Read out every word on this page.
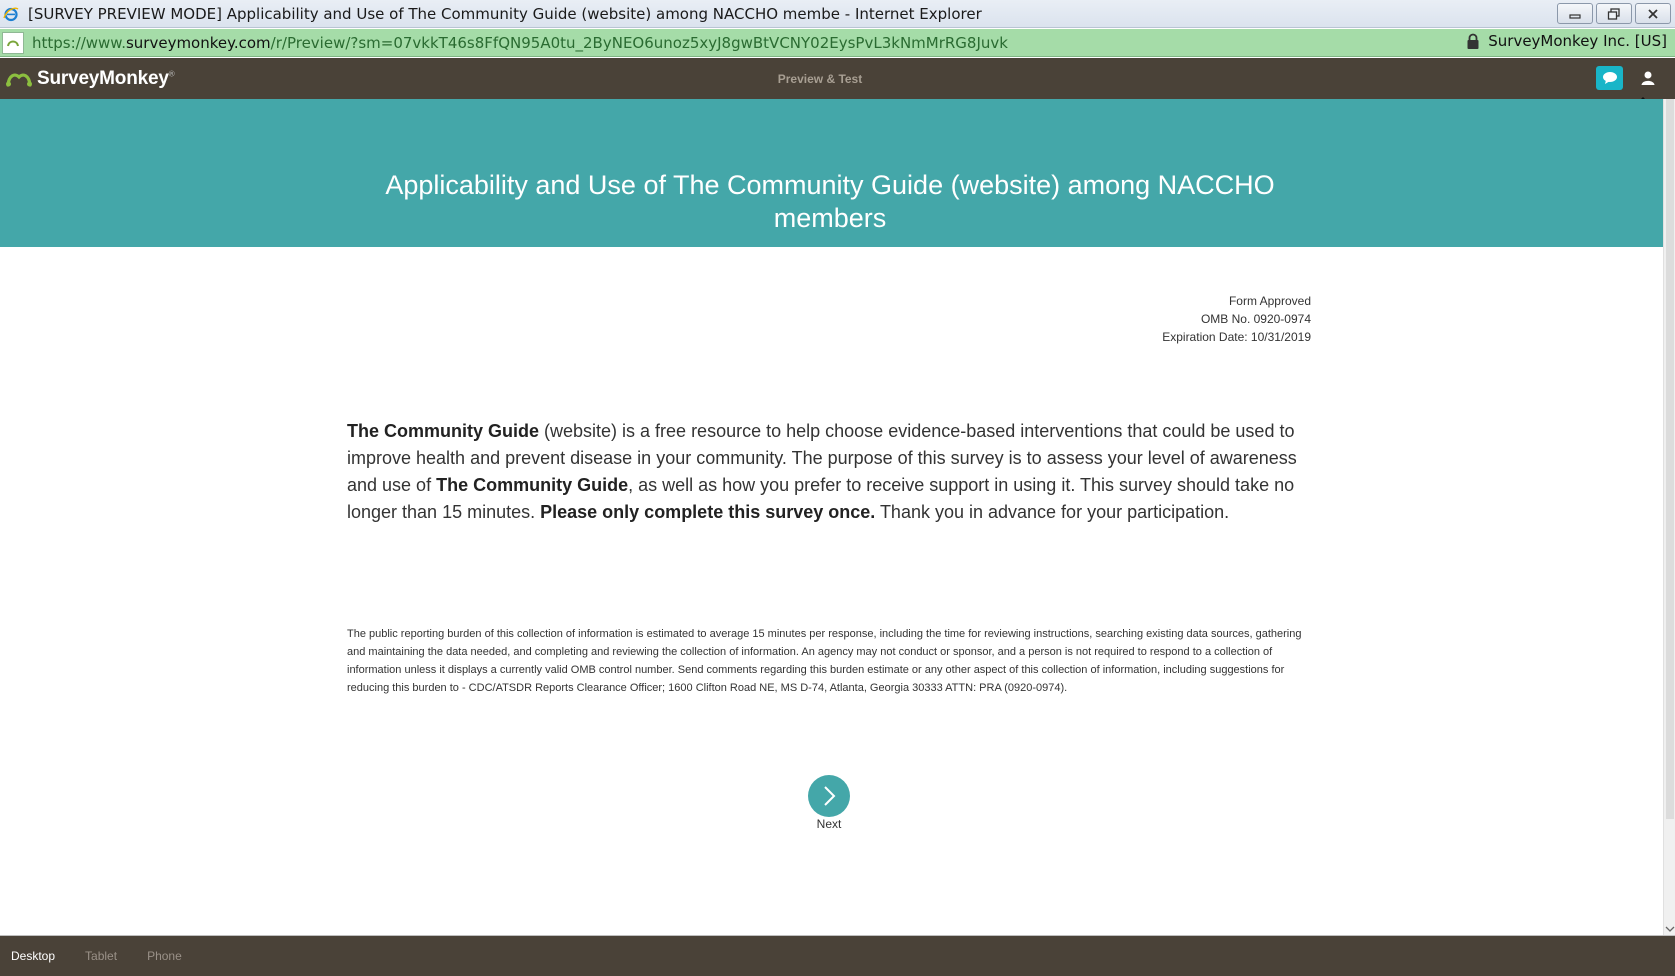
[SURVEY PREVIEW MODE] Applicability and Use of The Community Guide (website) among NACCHO membe - Internet Explorer
https://www.surveymonkey.com/r/Preview/?sm=07vkkT46s8FfQN95A0tu_2ByNEO6unoz5xyJ8gwBtVCNY02EysPvL3kNmMrRG8Juvk	SurveyMonkey Inc. [US]
SurveyMonkey®	Preview & Test
Applicability and Use of The Community Guide (website) among NACCHO members
Form Approved
OMB No. 0920-0974
Expiration Date: 10/31/2019

The Community Guide (website) is a free resource to help choose evidence-based interventions that could be used to improve health and prevent disease in your community. The purpose of this survey is to assess your level of awareness and use of The Community Guide, as well as how you prefer to receive support in using it. This survey should take no longer than 15 minutes. Please only complete this survey once. Thank you in advance for your participation.

The public reporting burden of this collection of information is estimated to average 15 minutes per response, including the time for reviewing instructions, searching existing data sources, gathering and maintaining the data needed, and completing and reviewing the collection of information. An agency may not conduct or sponsor, and a person is not required to respond to a collection of information unless it displays a currently valid OMB control number. Send comments regarding this burden estimate or any other aspect of this collection of information, including suggestions for reducing this burden to - CDC/ATSDR Reports Clearance Officer; 1600 Clifton Road NE, MS D-74, Atlanta, Georgia 30333 ATTN: PRA (0920-0974).

Next
Desktop	Tablet	Phone
